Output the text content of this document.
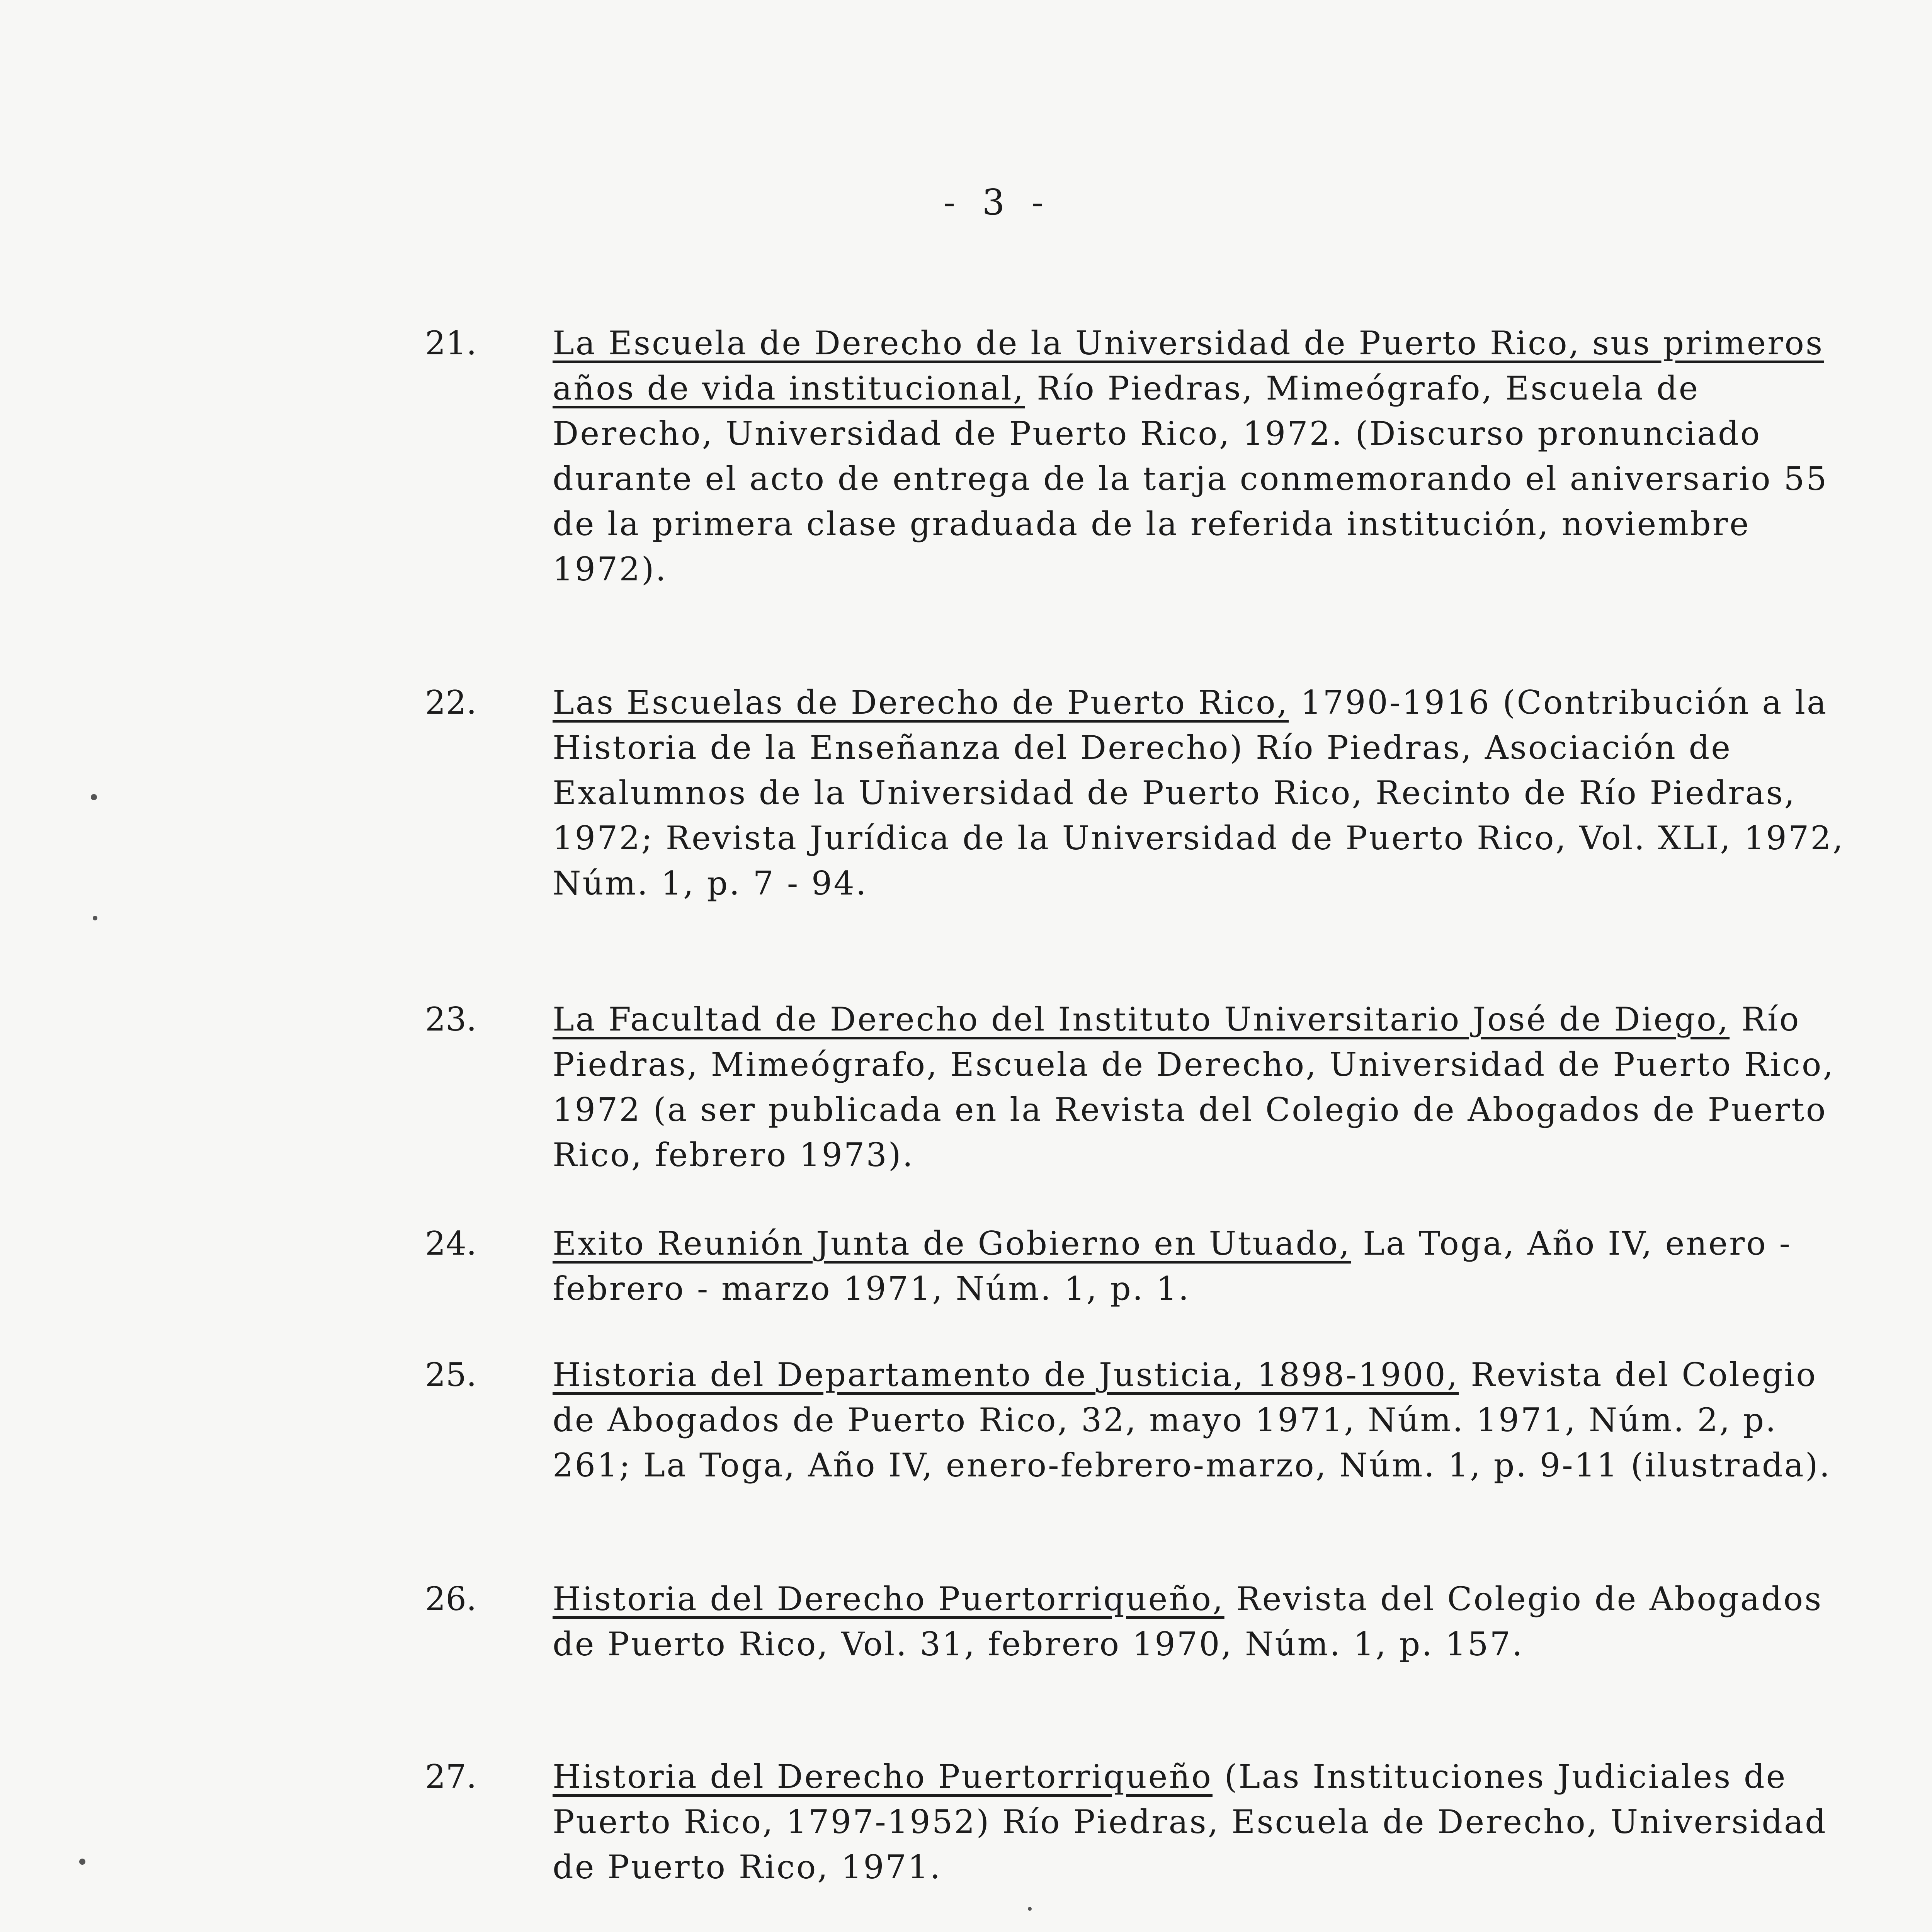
- 3 -
21. La Escuela de Derecho de la Universidad de Puerto Rico, sus primeros años de vida institucional, Río Piedras, Mimeógrafo, Escuela de Derecho, Universidad de Puerto Rico, 1972. (Discurso pronunciado durante el acto de entrega de la tarja conmemorando el aniversario 55 de la primera clase graduada de la referida institución, noviembre 1972).
22. Las Escuelas de Derecho de Puerto Rico, 1790-1916 (Contribución a la Historia de la Enseñanza del Derecho) Río Piedras, Asociación de Exalumnos de la Universidad de Puerto Rico, Recinto de Río Piedras, 1972; Revista Jurídica de la Universidad de Puerto Rico, Vol. XLI, 1972, Núm. 1, p. 7 - 94.
23. La Facultad de Derecho del Instituto Universitario José de Diego, Río Piedras, Mimeógrafo, Escuela de Derecho, Universidad de Puerto Rico, 1972 (a ser publicada en la Revista del Colegio de Abogados de Puerto Rico, febrero 1973).
24. Exito Reunión Junta de Gobierno en Utuado, La Toga, Año IV, enero - febrero - marzo 1971, Núm. 1, p. 1.
25. Historia del Departamento de Justicia, 1898-1900, Revista del Colegio de Abogados de Puerto Rico, 32, mayo 1971, Núm. 1971, Núm. 2, p. 261; La Toga, Año IV, enero-febrero-marzo, Núm. 1, p. 9-11 (ilustrada).
26. Historia del Derecho Puertorriqueño, Revista del Colegio de Abogados de Puerto Rico, Vol. 31, febrero 1970, Núm. 1, p. 157.
27. Historia del Derecho Puertorriqueño (Las Instituciones Judiciales de Puerto Rico, 1797-1952) Río Piedras, Escuela de Derecho, Universidad de Puerto Rico, 1971.
